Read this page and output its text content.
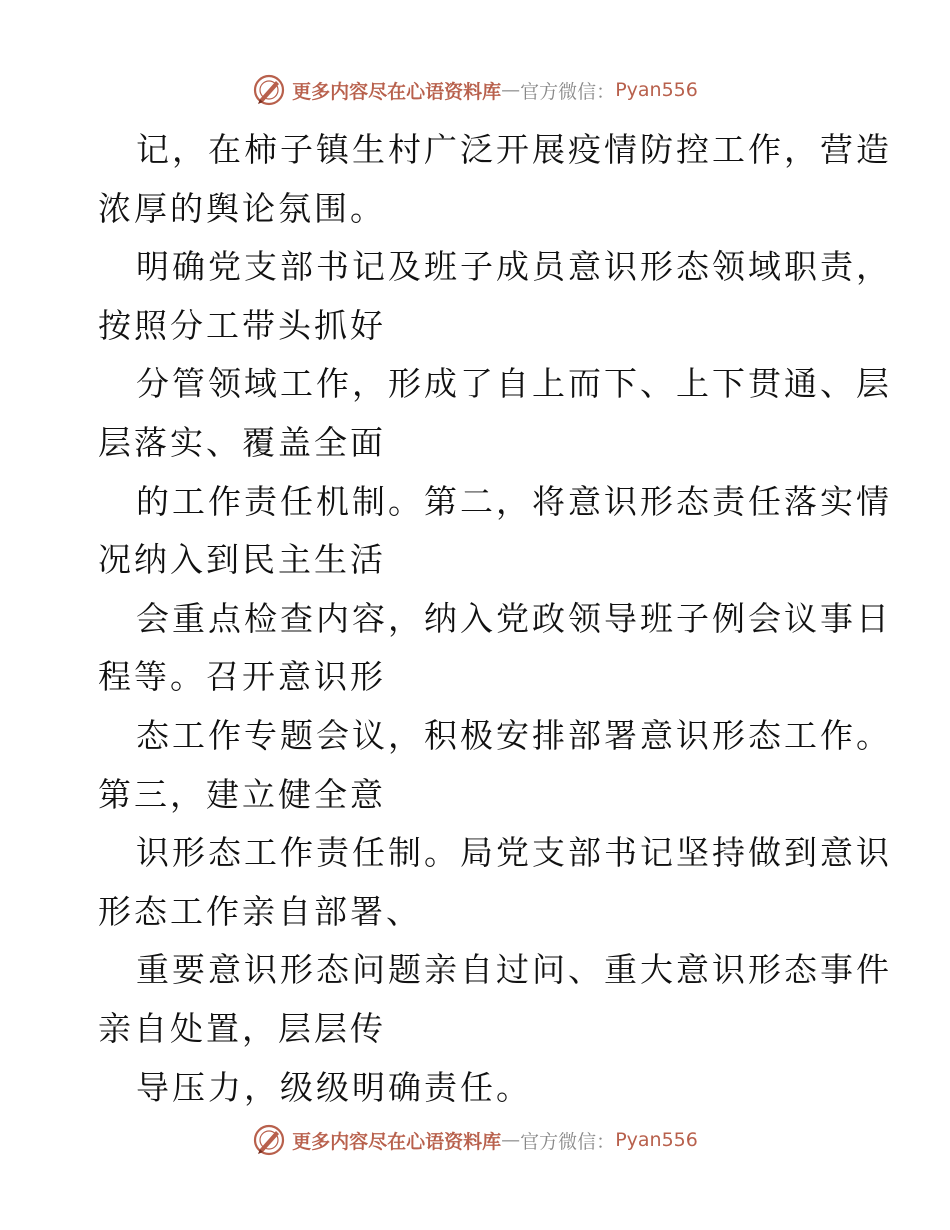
更多内容尽在心语资料库 — 官方微信： Pyan556
记，在柿子镇生村广泛开展疫情防控工作，营造
浓厚的舆论氛围。
明确党支部书记及班子成员意识形态领域职责，
按照分工带头抓好
分管领域工作，形成了自上而下、上下贯通、层
层落实、覆盖全面
的工作责任机制。第二，将意识形态责任落实情
况纳入到民主生活
会重点检查内容，纳入党政领导班子例会议事日
程等。召开意识形
态工作专题会议，积极安排部署意识形态工作。
第三，建立健全意
识形态工作责任制。局党支部书记坚持做到意识
形态工作亲自部署、
重要意识形态问题亲自过问、重大意识形态事件
亲自处置，层层传
导压力，级级明确责任。
更多内容尽在心语资料库 — 官方微信： Pyan556
